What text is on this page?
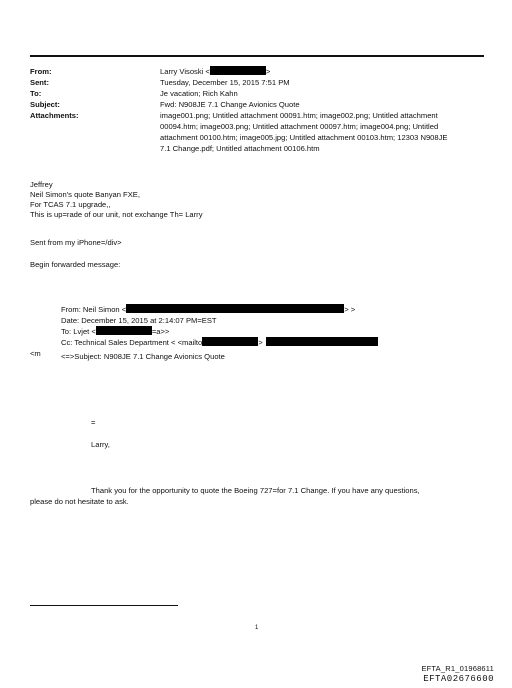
From:	Larry Visoski <	>
Sent:	Tuesday, December 15, 2015 7:51 PM
To:	Je vacation; Rich Kahn
Subject:	Fwd: N908JE 7.1 Change Avionics Quote
Attachments:	image001.png; Untitled attachment 00091.htm; image002.png; Untitled attachment
00094.htm; image003.png; Untitled attachment 00097.htm; image004.png; Untitled
attachment 00100.htm; image005.jpg; Untitled attachment 00103.htm; 12303 N908JE
7.1 Change.pdf; Untitled attachment 00106.htm
Jeffrey
Neil Simon's quote Banyan FXE,
For TCAS 7.1 upgrade,,
This is up=rade of our unit, not exchange Th= Larry
Sent from my iPhone=/div>
Begin forwarded message:
From: Neil Simon <	> >
Date: December 15, 2015 at 2:14:07 PM=EST
To: Lvjet <	=a>>
Cc: Technical Sales Department < <mailto	>
<=>Subject: N908JE 7.1 Change Avionics Quote
<m
=
Larry,
Thank you for the opportunity to quote the Boeing 727=for 7.1 Change. If you have any questions,
please do not hesitate to ask.
1
EFTA_R1_01968611
EFTA02676600
